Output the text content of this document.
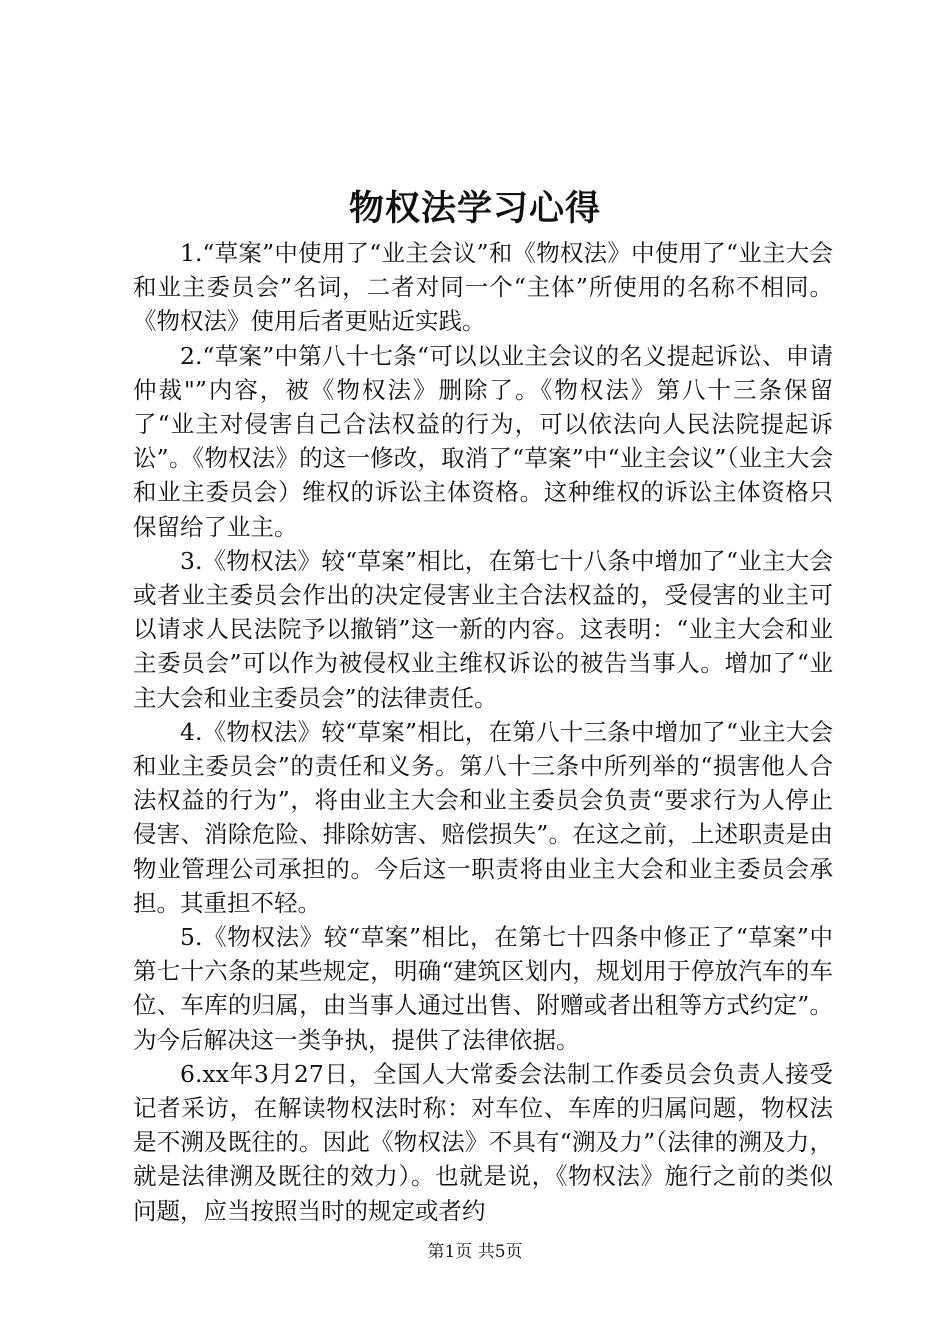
物权法学习心得

1.“草案”中使用了“业主会议”和《物权法》中使用了“业主大会和业主委员会”名词，二者对同一个“主体”所使用的名称不相同。《物权法》使用后者更贴近实践。

2.“草案”中第八十七条“可以以业主会议的名义提起诉讼、申请仲裁"”内容，被《物权法》删除了。《物权法》第八十三条保留了“业主对侵害自己合法权益的行为，可以依法向人民法院提起诉讼”。《物权法》的这一修改，取消了“草案”中“业主会议”（业主大会和业主委员会）维权的诉讼主体资格。这种维权的诉讼主体资格只保留给了业主。

3.《物权法》较“草案”相比，在第七十八条中增加了“业主大会或者业主委员会作出的决定侵害业主合法权益的，受侵害的业主可以请求人民法院予以撤销”这一新的内容。这表明：“业主大会和业主委员会”可以作为被侵权业主维权诉讼的被告当事人。增加了“业主大会和业主委员会”的法律责任。

4.《物权法》较“草案”相比，在第八十三条中增加了“业主大会和业主委员会”的责任和义务。第八十三条中所列举的“损害他人合法权益的行为”，将由业主大会和业主委员会负责“要求行为人停止侵害、消除危险、排除妨害、赔偿损失”。在这之前，上述职责是由物业管理公司承担的。今后这一职责将由业主大会和业主委员会承担。其重担不轻。

5.《物权法》较“草案”相比，在第七十四条中修正了“草案”中第七十六条的某些规定，明确“建筑区划内，规划用于停放汽车的车位、车库的归属，由当事人通过出售、附赠或者出租等方式约定”。为今后解决这一类争执，提供了法律依据。

6.xx年3月27日，全国人大常委会法制工作委员会负责人接受记者采访，在解读物权法时称：对车位、车库的归属问题，物权法是不溯及既往的。因此《物权法》不具有“溯及力”（法律的溯及力，就是法律溯及既往的效力）。也就是说，《物权法》施行之前的类似问题，应当按照当时的规定或者约

第1页 共5页
